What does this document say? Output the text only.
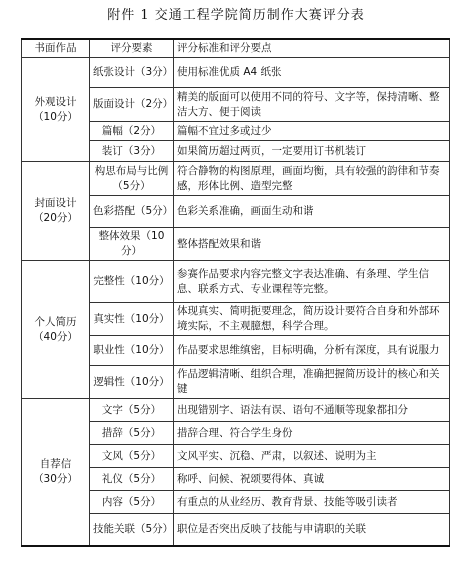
附件 1 交通工程学院简历制作大赛评分表
书面作品	评分要素	评分标准和评分要点

外观设计
（10分）	纸张设计（3分）	使用标准优质 A4 纸张
	版面设计（2分）	精美的版面可以使用不同的符号、文字等，保持清晰、整洁大方、便于阅读
	篇幅（2分）	篇幅不宜过多或过少
	装订（3分）	如果简历超过两页，一定要用订书机装订

封面设计
（20分）	构思布局与比例（5分）	符合静物的构图原理，画面均衡，具有较强的韵律和节奏感，形体比例、造型完整
	色彩搭配（5分）	色彩关系准确，画面生动和谐
	整体效果（10分）	整体搭配效果和谐

个人简历
（40分）	完整性（10分）	参赛作品要求内容完整文字表达准确、有条理、学生信息、联系方式、专业课程等完整。
	真实性（10分）	体现真实、简明扼要理念，简历设计要符合自身和外部环境实际，不主观臆想，科学合理。
	职业性（10分）	作品要求思维缜密，目标明确，分析有深度，具有说服力
	逻辑性（10分）	作品逻辑清晰、组织合理，准确把握简历设计的核心和关键

自荐信
（30分）	文字（5分）	出现错别字、语法有误、语句不通顺等现象都扣分
	措辞（5分）	措辞合理、符合学生身份
	文风（5分）	文风平实、沉稳、严肃，以叙述、说明为主
	礼仪（5分）	称呼、问候、祝颂要得体、真诚
	内容（5分）	有重点的从业经历、教育背景、技能等吸引读者
	技能关联（5分）	职位是否突出反映了技能与申请职的关联
